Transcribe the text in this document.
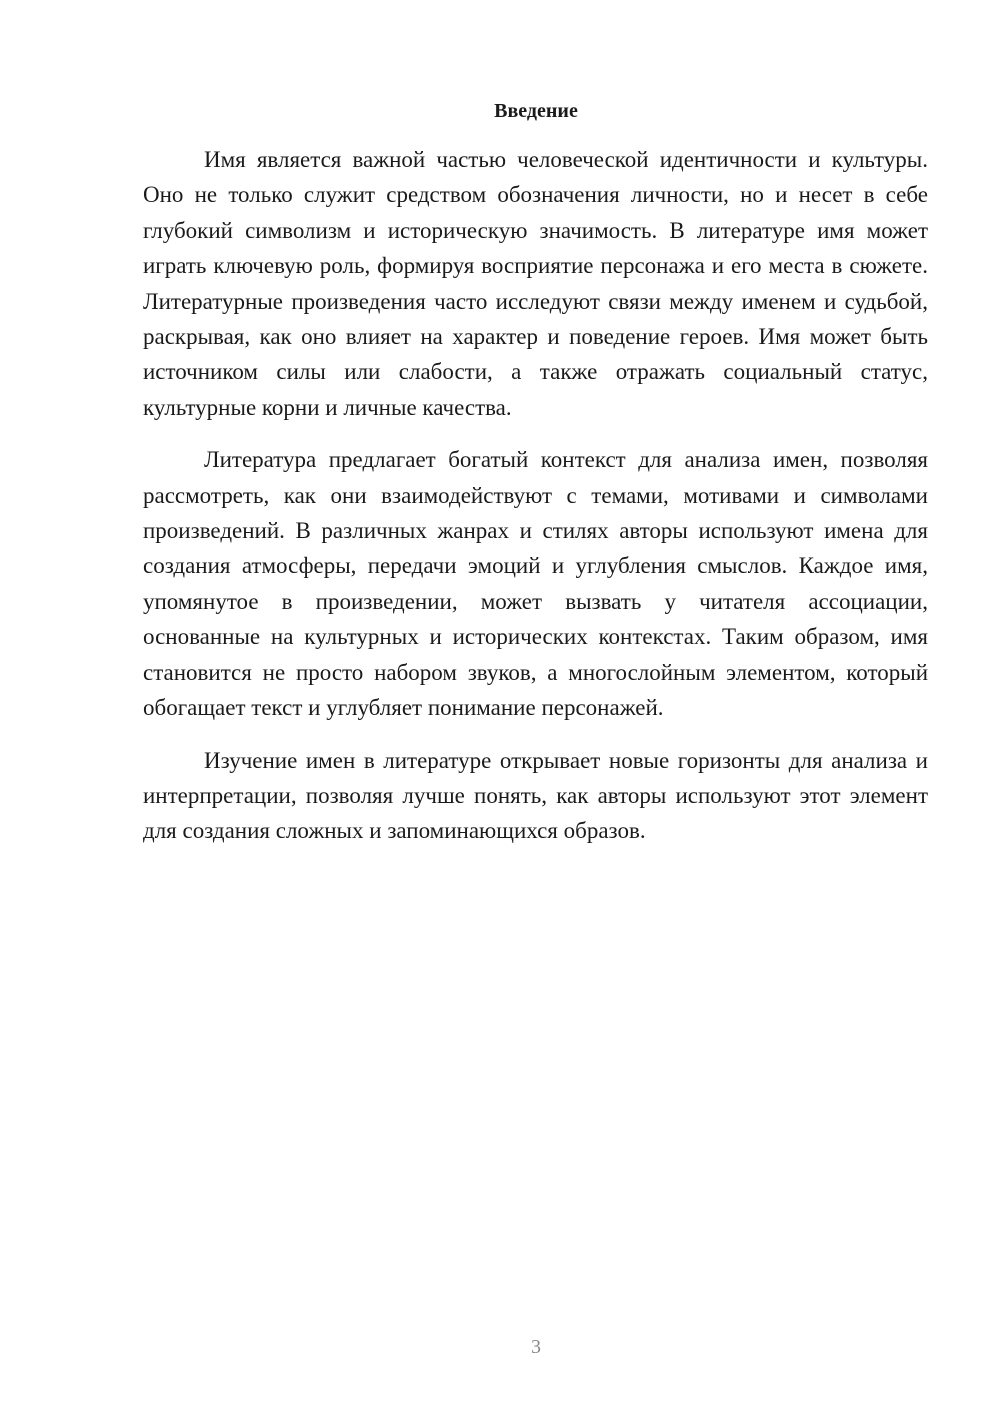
Введение

Имя является важной частью человеческой идентичности и культуры. Оно не только служит средством обозначения личности, но и несет в себе глубокий символизм и историческую значимость. В литературе имя может играть ключевую роль, формируя восприятие персонажа и его места в сюжете. Литературные произведения часто исследуют связи между именем и судьбой, раскрывая, как оно влияет на характер и поведение героев. Имя может быть источником силы или слабости, а также отражать социальный статус, культурные корни и личные качества.

Литература предлагает богатый контекст для анализа имен, позволяя рассмотреть, как они взаимодействуют с темами, мотивами и символами произведений. В различных жанрах и стилях авторы используют имена для создания атмосферы, передачи эмоций и углубления смыслов. Каждое имя, упомянутое в произведении, может вызвать у читателя ассоциации, основанные на культурных и исторических контекстах. Таким образом, имя становится не просто набором звуков, а многослойным элементом, который обогащает текст и углубляет понимание персонажей.

Изучение имен в литературе открывает новые горизонты для анализа и интерпретации, позволяя лучше понять, как авторы используют этот элемент для создания сложных и запоминающихся образов.

3
